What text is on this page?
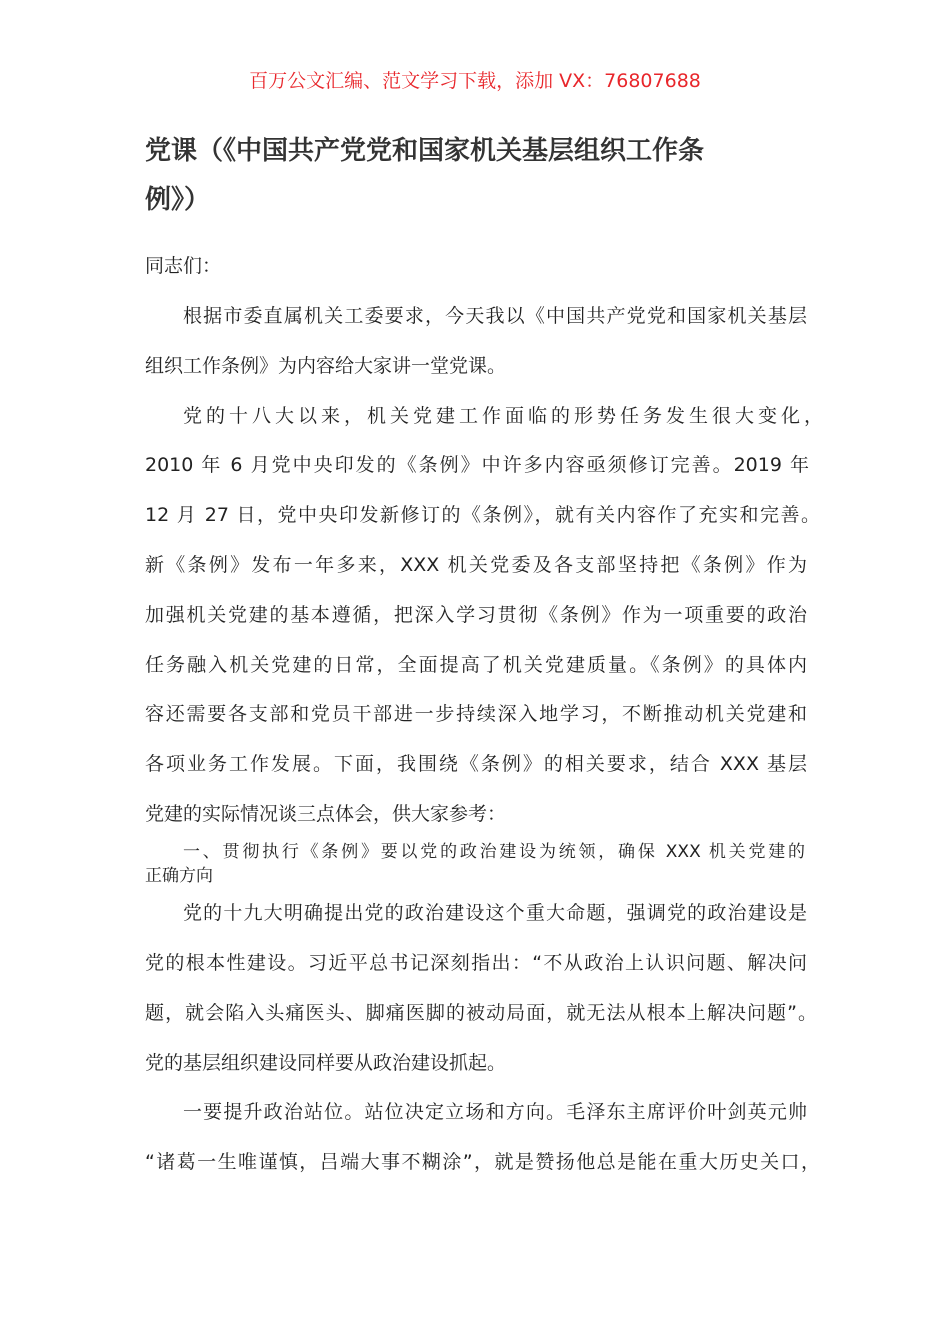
百万公文汇编、范文学习下载，添加 VX：76807688
党课（《中国共产党党和国家机关基层组织工作条
例》）
同志们：
根据市委直属机关工委要求，今天我以《中国共产党党和国家机关基层
组织工作条例》为内容给大家讲一堂党课。
党的十八大以来，机关党建工作面临的形势任务发生很大变化，
2010 年 6 月党中央印发的《条例》中许多内容亟须修订完善。2019 年
12 月 27 日，党中央印发新修订的《条例》，就有关内容作了充实和完善。
新《条例》发布一年多来，XXX 机关党委及各支部坚持把《条例》作为
加强机关党建的基本遵循，把深入学习贯彻《条例》作为一项重要的政治
任务融入机关党建的日常，全面提高了机关党建质量。《条例》的具体内
容还需要各支部和党员干部进一步持续深入地学习，不断推动机关党建和
各项业务工作发展。下面，我围绕《条例》的相关要求，结合 XXX 基层
党建的实际情况谈三点体会，供大家参考：
一、贯彻执行《条例》要以党的政治建设为统领，确保 XXX 机关党建的
正确方向
党的十九大明确提出党的政治建设这个重大命题，强调党的政治建设是
党的根本性建设。习近平总书记深刻指出：“不从政治上认识问题、解决问
题，就会陷入头痛医头、脚痛医脚的被动局面，就无法从根本上解决问题”。
党的基层组织建设同样要从政治建设抓起。
一要提升政治站位。站位决定立场和方向。毛泽东主席评价叶剑英元帅
“诸葛一生唯谨慎，吕端大事不糊涂”，就是赞扬他总是能在重大历史关口，
